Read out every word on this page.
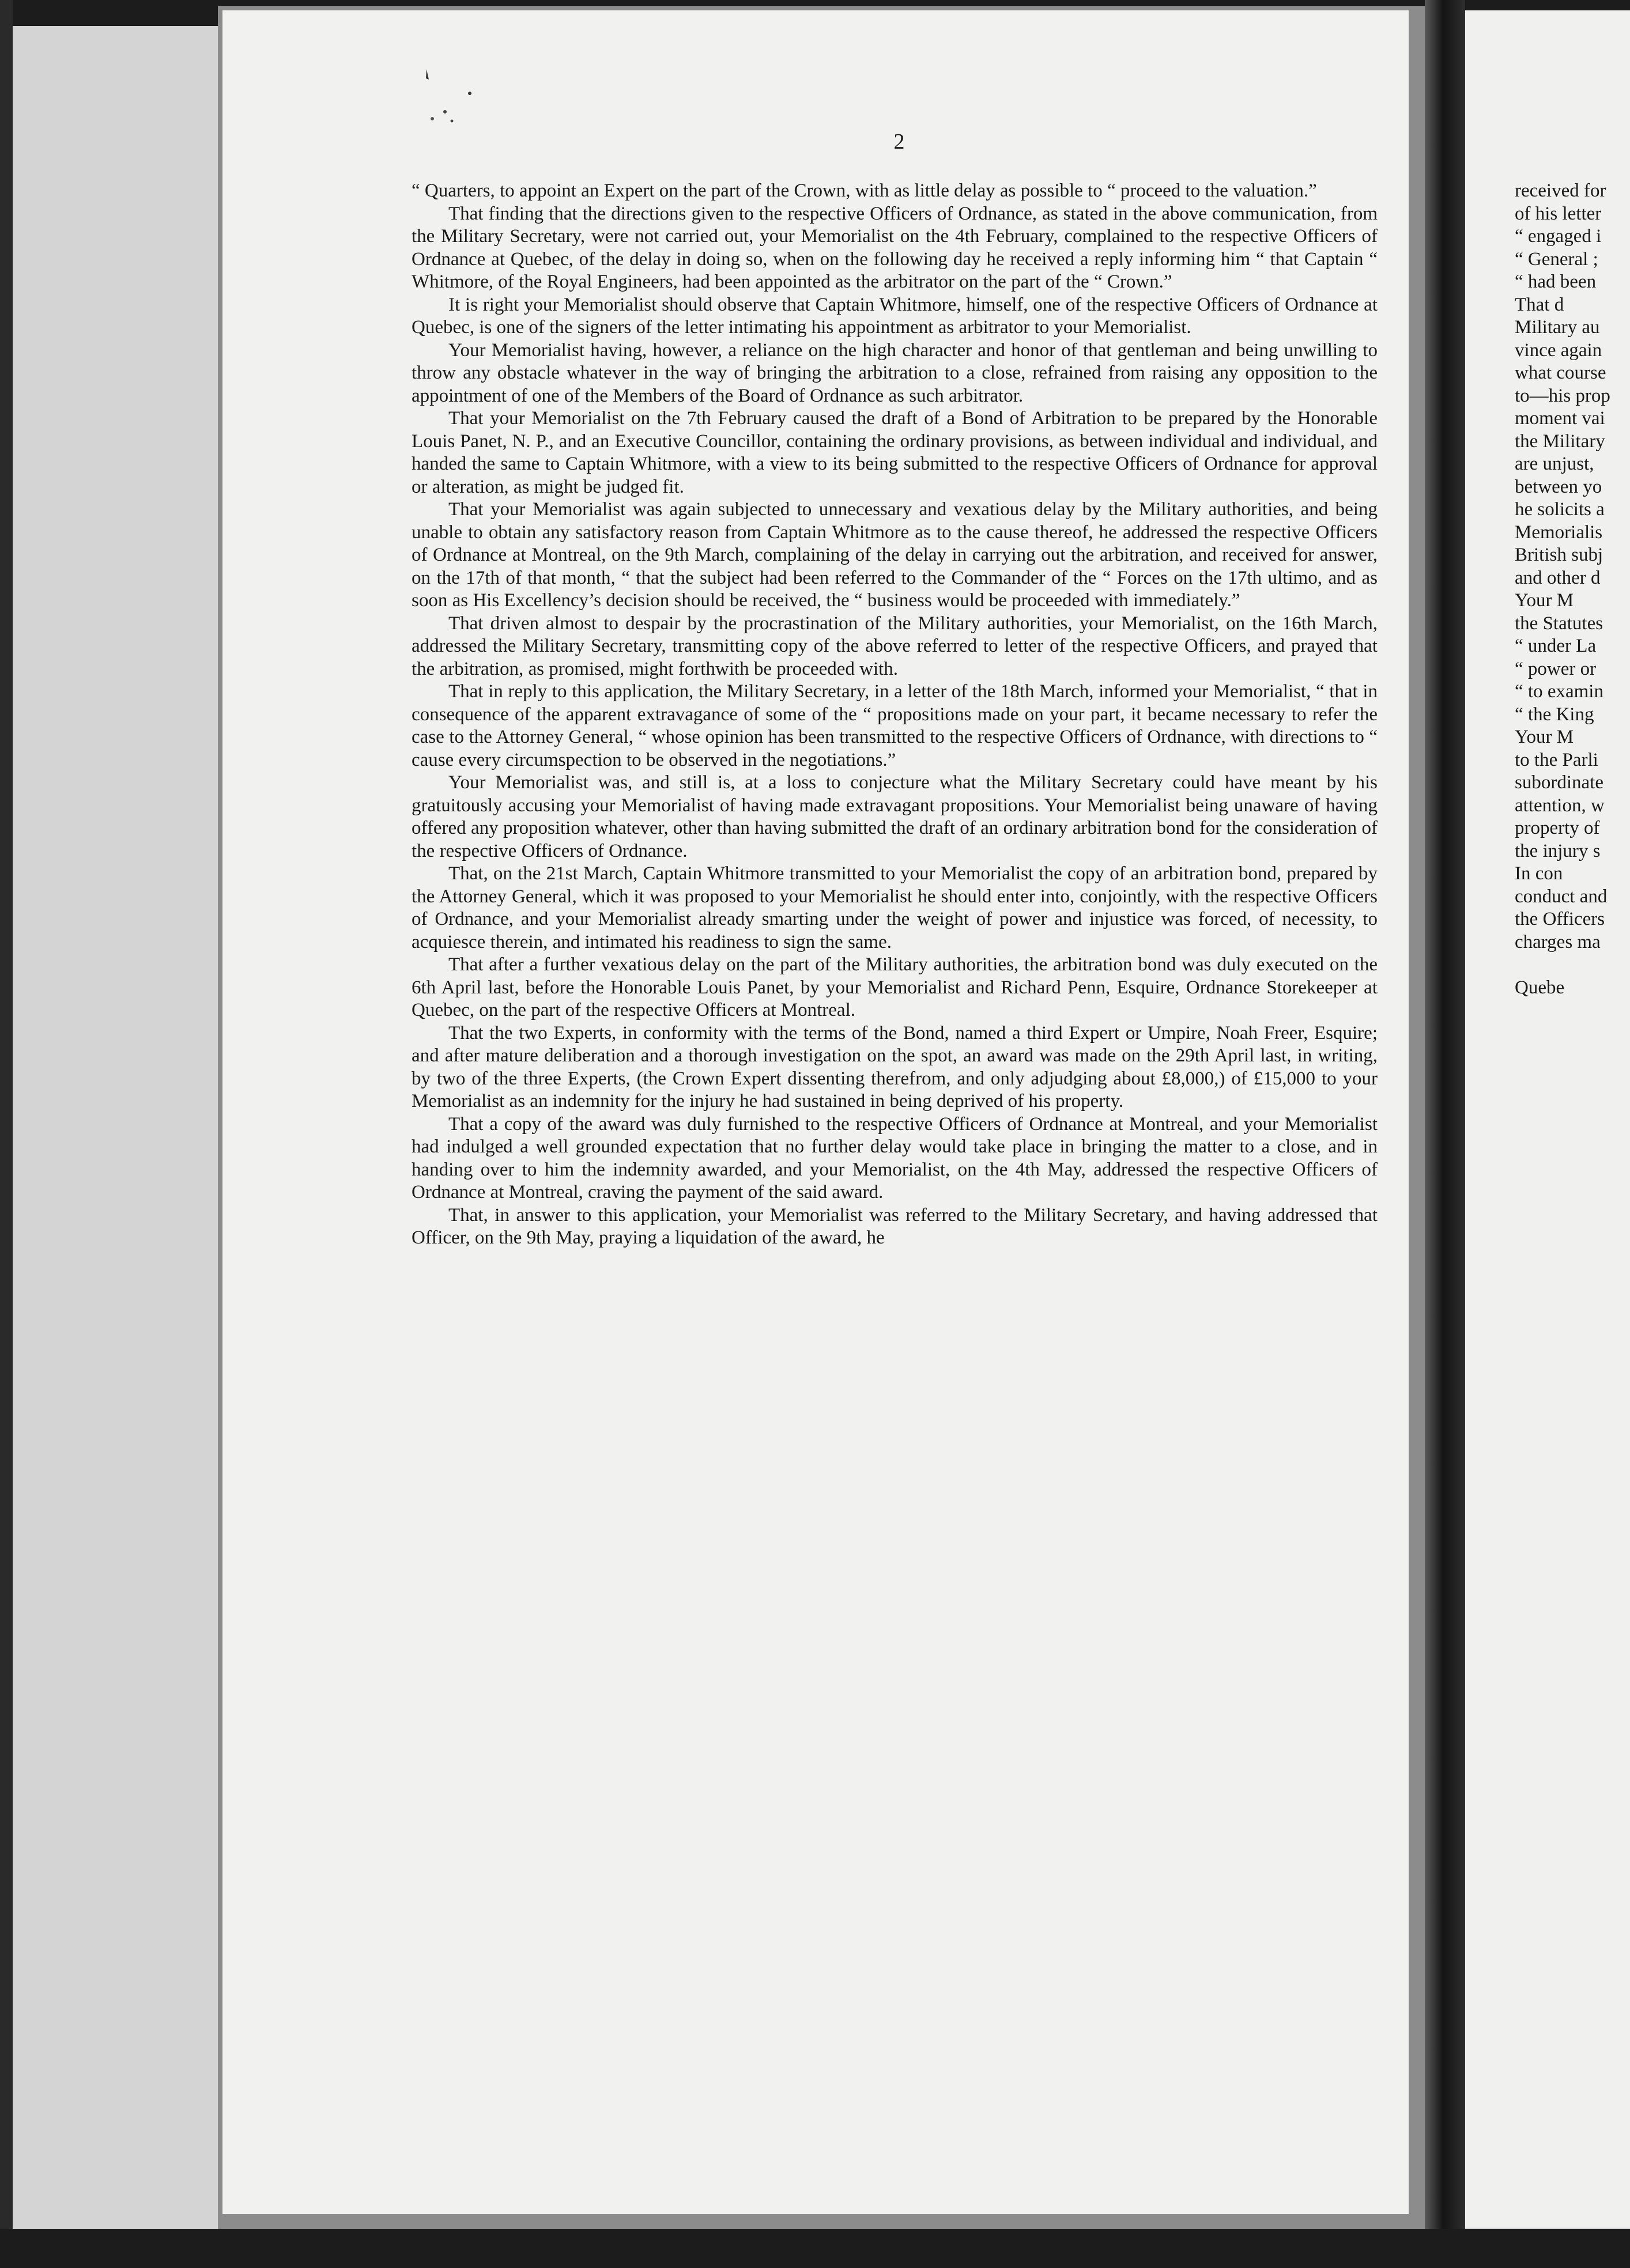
2

“ Quarters, to appoint an Expert on the part of the Crown, with as little delay as possible to “ proceed to the valuation.”

That finding that the directions given to the respective Officers of Ordnance, as stated in the above communication, from the Military Secretary, were not carried out, your Memorialist on the 4th February, complained to the respective Officers of Ordnance at Quebec, of the delay in doing so, when on the following day he received a reply informing him “ that Captain “ Whitmore, of the Royal Engineers, had been appointed as the arbitrator on the part of the “ Crown.”

It is right your Memorialist should observe that Captain Whitmore, himself, one of the respective Officers of Ordnance at Quebec, is one of the signers of the letter intimating his appointment as arbitrator to your Memorialist.

Your Memorialist having, however, a reliance on the high character and honor of that gentleman and being unwilling to throw any obstacle whatever in the way of bringing the arbitration to a close, refrained from raising any opposition to the appointment of one of the Members of the Board of Ordnance as such arbitrator.

That your Memorialist on the 7th February caused the draft of a Bond of Arbitration to be prepared by the Honorable Louis Panet, N. P., and an Executive Councillor, containing the ordinary provisions, as between individual and individual, and handed the same to Captain Whitmore, with a view to its being submitted to the respective Officers of Ordnance for approval or alteration, as might be judged fit.

That your Memorialist was again subjected to unnecessary and vexatious delay by the Military authorities, and being unable to obtain any satisfactory reason from Captain Whitmore as to the cause thereof, he addressed the respective Officers of Ordnance at Montreal, on the 9th March, complaining of the delay in carrying out the arbitration, and received for answer, on the 17th of that month, “ that the subject had been referred to the Commander of the “ Forces on the 17th ultimo, and as soon as His Excellency’s decision should be received, the “ business would be proceeded with immediately.”

That driven almost to despair by the procrastination of the Military authorities, your Memorialist, on the 16th March, addressed the Military Secretary, transmitting copy of the above referred to letter of the respective Officers, and prayed that the arbitration, as promised, might forthwith be proceeded with.

That in reply to this application, the Military Secretary, in a letter of the 18th March, informed your Memorialist, “ that in consequence of the apparent extravagance of some of the “ propositions made on your part, it became necessary to refer the case to the Attorney General, “ whose opinion has been transmitted to the respective Officers of Ordnance, with directions to “ cause every circumspection to be observed in the negotiations.”

Your Memorialist was, and still is, at a loss to conjecture what the Military Secretary could have meant by his gratuitously accusing your Memorialist of having made extravagant propositions. Your Memorialist being unaware of having offered any proposition whatever, other than having submitted the draft of an ordinary arbitration bond for the consideration of the respective Officers of Ordnance.

That, on the 21st March, Captain Whitmore transmitted to your Memorialist the copy of an arbitration bond, prepared by the Attorney General, which it was proposed to your Memorialist he should enter into, conjointly, with the respective Officers of Ordnance, and your Memorialist already smarting under the weight of power and injustice was forced, of necessity, to acquiesce therein, and intimated his readiness to sign the same.

That after a further vexatious delay on the part of the Military authorities, the arbitration bond was duly executed on the 6th April last, before the Honorable Louis Panet, by your Memorialist and Richard Penn, Esquire, Ordnance Storekeeper at Quebec, on the part of the respective Officers at Montreal.

That the two Experts, in conformity with the terms of the Bond, named a third Expert or Umpire, Noah Freer, Esquire; and after mature deliberation and a thorough investigation on the spot, an award was made on the 29th April last, in writing, by two of the three Experts, (the Crown Expert dissenting therefrom, and only adjudging about £8,000,) of £15,000 to your Memorialist as an indemnity for the injury he had sustained in being deprived of his property.

That a copy of the award was duly furnished to the respective Officers of Ordnance at Montreal, and your Memorialist had indulged a well grounded expectation that no further delay would take place in bringing the matter to a close, and in handing over to him the indemnity awarded, and your Memorialist, on the 4th May, addressed the respective Officers of Ordnance at Montreal, craving the payment of the said award.

That, in answer to this application, your Memorialist was referred to the Military Secretary, and having addressed that Officer, on the 9th May, praying a liquidation of the award, he

received for
of his letter
“ engaged i
“ General ;
“ had been
That d
Military au
vince again
what course
to—his prop
moment vai
the Military
are unjust,
between yo
he solicits a
Memorialis
British subj
and other d
Your M
the Statutes
“ under La
“ power or
“ to examin
“ the King
Your M
to the Parli
subordinate
attention, w
property of
the injury s
In con
conduct and
the Officers
charges ma
Quebe
